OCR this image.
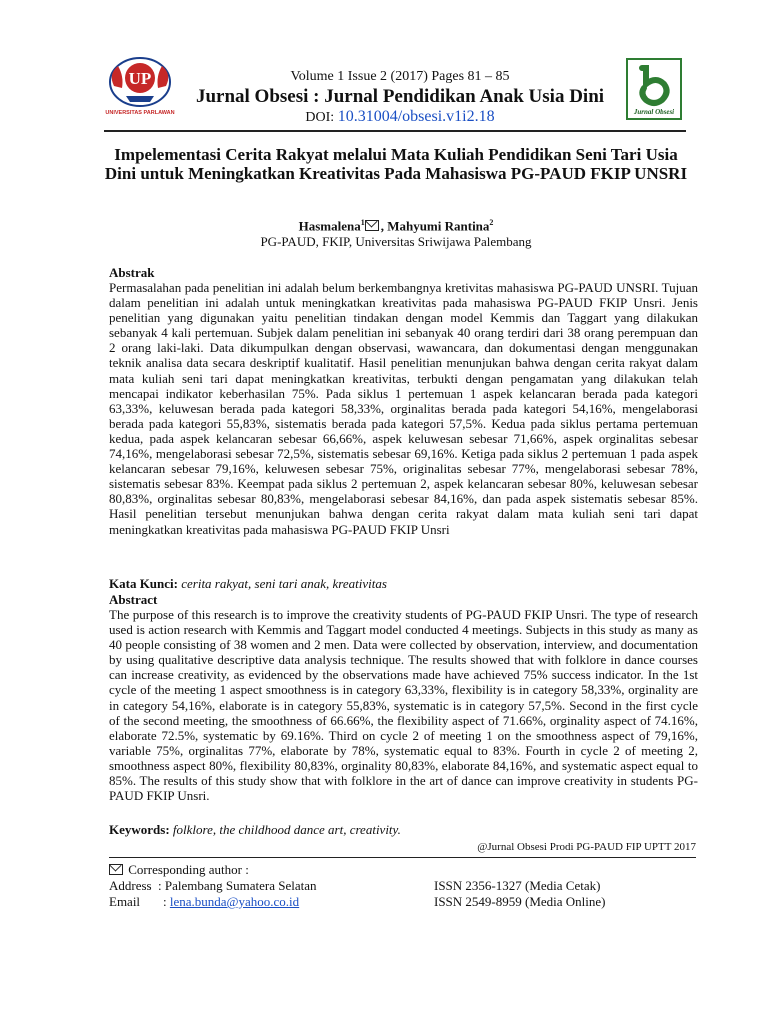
UP
UNIVERSITAS PARLAWAN
Volume 1 Issue 2 (2017) Pages 81 – 85
Jurnal Obsesi : Jurnal Pendidikan Anak Usia Dini
DOI: 10.31004/obsesi.v1i2.18	Jurnal Obsesi
Impelementasi Cerita Rakyat melalui Mata Kuliah Pendidikan Seni Tari Usia Dini untuk Meningkatkan Kreativitas Pada Mahasiswa PG-PAUD FKIP UNSRI
Hasmalena$^1$ , Mahyumi Rantina$^2$
PG-PAUD, FKIP, Universitas Sriwijawa Palembang
Abstrak

Permasalahan pada penelitian ini adalah belum berkembangnya kretivitas mahasiswa PG-PAUD UNSRI. Tujuan dalam penelitian ini adalah untuk meningkatkan kreativitas pada mahasiswa PG-PAUD FKIP Unsri. Jenis penelitian yang digunakan yaitu penelitian tindakan dengan model Kemmis dan Taggart yang dilakukan sebanyak 4 kali pertemuan. Subjek dalam penelitian ini sebanyak 40 orang terdiri dari 38 orang perempuan dan 2 orang laki-laki. Data dikumpulkan dengan observasi, wawancara, dan dokumentasi dengan menggunakan teknik analisa data secara deskriptif kualitatif. Hasil penelitian menunjukan bahwa dengan cerita rakyat dalam mata kuliah seni tari dapat meningkatkan kreativitas, terbukti dengan pengamatan yang dilakukan telah mencapai indikator keberhasilan 75%. Pada siklus 1 pertemuan 1 aspek kelancaran berada pada kategori 63,33%, keluwesan berada pada kategori 58,33%, orginalitas berada pada kategori 54,16%, mengelaborasi berada pada kategori 55,83%, sistematis berada pada kategori 57,5%. Kedua pada siklus pertama pertemuan kedua, pada aspek kelancaran sebesar 66,66%, aspek keluwesan sebesar 71,66%, aspek orginalitas sebesar 74,16%, mengelaborasi sebesar 72,5%, sistematis sebesar 69,16%. Ketiga pada siklus 2 pertemuan 1 pada aspek kelancaran sebesar 79,16%, keluwesen sebesar 75%, originalitas sebesar 77%, mengelaborasi sebesar 78%, sistematis sebesar 83%. Keempat pada siklus 2 pertemuan 2, aspek kelancaran sebesar 80%, keluwesan sebesar 80,83%, orginalitas sebesar 80,83%, mengelaborasi sebesar 84,16%, dan pada aspek sistematis sebesar 85%. Hasil penelitian tersebut menunjukan bahwa dengan cerita rakyat dalam mata kuliah seni tari dapat meningkatkan kreativitas pada mahasiswa PG-PAUD FKIP Unsri

Kata Kunci: cerita rakyat, seni tari anak, kreativitas
Abstract

The purpose of this research is to improve the creativity students of PG-PAUD FKIP Unsri. The type of research used is action research with Kemmis and Taggart model conducted 4 meetings. Subjects in this study as many as 40 people consisting of 38 women and 2 men. Data were collected by observation, interview, and documentation by using qualitative descriptive data analysis technique. The results showed that with folklore in dance courses can increase creativity, as evidenced by the observations made have achieved 75% success indicator. In the 1st cycle of the meeting 1 aspect smoothness is in category 63,33%, flexibility is in category 58,33%, orginality are in category 54,16%, elaborate is in category 55,83%, systematic is in category 57,5%. Second in the first cycle of the second meeting, the smoothness of 66.66%, the flexibility aspect of 71.66%, orginality aspect of 74.16%, elaborate 72.5%, systematic by 69.16%. Third on cycle 2 of meeting 1 on the smoothness aspect of 79,16%, variable 75%, orginalitas 77%, elaborate by 78%, systematic equal to 83%. Fourth in cycle 2 of meeting 2, smoothness aspect 80%, flexibility 80,83%, orginality 80,83%, elaborate 84,16%, and systematic aspect equal to 85%. The results of this study show that with folklore in the art of dance can improve creativity in students PG-PAUD FKIP Unsri.

Keywords: folklore, the childhood dance art, creativity.
@Jurnal Obsesi Prodi PG-PAUD FIP UPTT 2017
Corresponding author :
Address : Palembang Sumatera Selatan
Email : lena.bunda@yahoo.co.id
ISSN 2356-1327 (Media Cetak)
ISSN 2549-8959 (Media Online)
